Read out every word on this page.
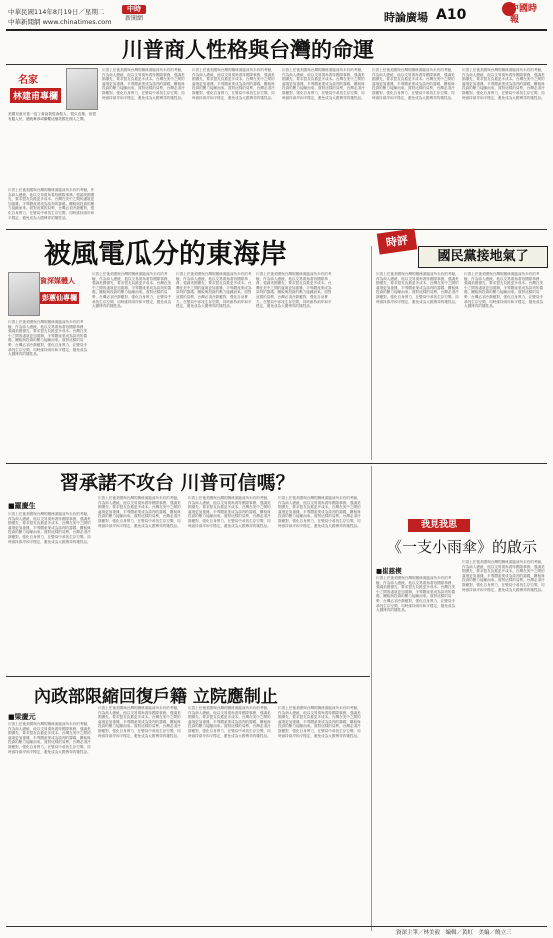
中華民國114年8月19日／星期二
中華新聞網 www.chinatimes.com
中時
新聞網	時論廣場 A10	中國時報
川普商人性格與台灣的命運
名家
林建甫專欄
美國兒童川普一直了會說我很會做人，很久沒像，但很有腦人民，總統牽涉或聯繫這個美國在個人之間。
川普上任後美國與台灣的關係面臨前所未有的考驗，作為商人總統，他以交易視角看待國際事務，強調美國優先，要求盟友負擔更多成本。台灣在美中之間的處境更加複雜，半導體產業成為談判的籌碼，關稅與投資的壓力接踵而來。面對這樣的局勢，台灣必須冷靜應對，強化自身實力，在變局中尋找生存空間，同時維持兩岸和平穩定，避免成為大國博弈的犧牲品。
川普上任後美國與台灣的關係面臨前所未有的考驗，作為商人總統，他以交易視角看待國際事務，強調美國優先，要求盟友負擔更多成本。台灣在美中之間的處境更加複雜，半導體產業成為談判的籌碼，關稅與投資的壓力接踵而來。面對這樣的局勢，台灣必須冷靜應對，強化自身實力，在變局中尋找生存空間，同時維持兩岸和平穩定，避免成為大國博弈的犧牲品。
川普上任後美國與台灣的關係面臨前所未有的考驗，作為商人總統，他以交易視角看待國際事務，強調美國優先，要求盟友負擔更多成本。台灣在美中之間的處境更加複雜，半導體產業成為談判的籌碼，關稅與投資的壓力接踵而來。面對這樣的局勢，台灣必須冷靜應對，強化自身實力，在變局中尋找生存空間，同時維持兩岸和平穩定，避免成為大國博弈的犧牲品。
川普上任後美國與台灣的關係面臨前所未有的考驗，作為商人總統，他以交易視角看待國際事務，強調美國優先，要求盟友負擔更多成本。台灣在美中之間的處境更加複雜，半導體產業成為談判的籌碼，關稅與投資的壓力接踵而來。面對這樣的局勢，台灣必須冷靜應對，強化自身實力，在變局中尋找生存空間，同時維持兩岸和平穩定，避免成為大國博弈的犧牲品。
川普上任後美國與台灣的關係面臨前所未有的考驗，作為商人總統，他以交易視角看待國際事務，強調美國優先，要求盟友負擔更多成本。台灣在美中之間的處境更加複雜，半導體產業成為談判的籌碼，關稅與投資的壓力接踵而來。面對這樣的局勢，台灣必須冷靜應對，強化自身實力，在變局中尋找生存空間，同時維持兩岸和平穩定，避免成為大國博弈的犧牲品。
川普上任後美國與台灣的關係面臨前所未有的考驗，作為商人總統，他以交易視角看待國際事務，強調美國優先，要求盟友負擔更多成本。台灣在美中之間的處境更加複雜，半導體產業成為談判的籌碼，關稅與投資的壓力接踵而來。面對這樣的局勢，台灣必須冷靜應對，強化自身實力，在變局中尋找生存空間，同時維持兩岸和平穩定，避免成為大國博弈的犧牲品。
被風電瓜分的東海岸
資深媒體人
彭蕙仙專欄
川普上任後美國與台灣的關係面臨前所未有的考驗，作為商人總統，他以交易視角看待國際事務，強調美國優先，要求盟友負擔更多成本。台灣在美中之間的處境更加複雜，半導體產業成為談判的籌碼，關稅與投資的壓力接踵而來。面對這樣的局勢，台灣必須冷靜應對，強化自身實力，在變局中尋找生存空間，同時維持兩岸和平穩定，避免成為大國博弈的犧牲品。
川普上任後美國與台灣的關係面臨前所未有的考驗，作為商人總統，他以交易視角看待國際事務，強調美國優先，要求盟友負擔更多成本。台灣在美中之間的處境更加複雜，半導體產業成為談判的籌碼，關稅與投資的壓力接踵而來。面對這樣的局勢，台灣必須冷靜應對，強化自身實力，在變局中尋找生存空間，同時維持兩岸和平穩定，避免成為大國博弈的犧牲品。
川普上任後美國與台灣的關係面臨前所未有的考驗，作為商人總統，他以交易視角看待國際事務，強調美國優先，要求盟友負擔更多成本。台灣在美中之間的處境更加複雜，半導體產業成為談判的籌碼，關稅與投資的壓力接踵而來。面對這樣的局勢，台灣必須冷靜應對，強化自身實力，在變局中尋找生存空間，同時維持兩岸和平穩定，避免成為大國博弈的犧牲品。
川普上任後美國與台灣的關係面臨前所未有的考驗，作為商人總統，他以交易視角看待國際事務，強調美國優先，要求盟友負擔更多成本。台灣在美中之間的處境更加複雜，半導體產業成為談判的籌碼，關稅與投資的壓力接踵而來。面對這樣的局勢，台灣必須冷靜應對，強化自身實力，在變局中尋找生存空間，同時維持兩岸和平穩定，避免成為大國博弈的犧牲品。
時評
國民黨接地氣了
川普上任後美國與台灣的關係面臨前所未有的考驗，作為商人總統，他以交易視角看待國際事務，強調美國優先，要求盟友負擔更多成本。台灣在美中之間的處境更加複雜，半導體產業成為談判的籌碼，關稅與投資的壓力接踵而來。面對這樣的局勢，台灣必須冷靜應對，強化自身實力，在變局中尋找生存空間，同時維持兩岸和平穩定，避免成為大國博弈的犧牲品。
川普上任後美國與台灣的關係面臨前所未有的考驗，作為商人總統，他以交易視角看待國際事務，強調美國優先，要求盟友負擔更多成本。台灣在美中之間的處境更加複雜，半導體產業成為談判的籌碼，關稅與投資的壓力接踵而來。面對這樣的局勢，台灣必須冷靜應對，強化自身實力，在變局中尋找生存空間，同時維持兩岸和平穩定，避免成為大國博弈的犧牲品。
習承諾不攻台 川普可信嗎？
■羅慶生
川普上任後美國與台灣的關係面臨前所未有的考驗，作為商人總統，他以交易視角看待國際事務，強調美國優先，要求盟友負擔更多成本。台灣在美中之間的處境更加複雜，半導體產業成為談判的籌碼，關稅與投資的壓力接踵而來。面對這樣的局勢，台灣必須冷靜應對，強化自身實力，在變局中尋找生存空間，同時維持兩岸和平穩定，避免成為大國博弈的犧牲品。
川普上任後美國與台灣的關係面臨前所未有的考驗，作為商人總統，他以交易視角看待國際事務，強調美國優先，要求盟友負擔更多成本。台灣在美中之間的處境更加複雜，半導體產業成為談判的籌碼，關稅與投資的壓力接踵而來。面對這樣的局勢，台灣必須冷靜應對，強化自身實力，在變局中尋找生存空間，同時維持兩岸和平穩定，避免成為大國博弈的犧牲品。
川普上任後美國與台灣的關係面臨前所未有的考驗，作為商人總統，他以交易視角看待國際事務，強調美國優先，要求盟友負擔更多成本。台灣在美中之間的處境更加複雜，半導體產業成為談判的籌碼，關稅與投資的壓力接踵而來。面對這樣的局勢，台灣必須冷靜應對，強化自身實力，在變局中尋找生存空間，同時維持兩岸和平穩定，避免成為大國博弈的犧牲品。
川普上任後美國與台灣的關係面臨前所未有的考驗，作為商人總統，他以交易視角看待國際事務，強調美國優先，要求盟友負擔更多成本。台灣在美中之間的處境更加複雜，半導體產業成為談判的籌碼，關稅與投資的壓力接踵而來。面對這樣的局勢，台灣必須冷靜應對，強化自身實力，在變局中尋找生存空間，同時維持兩岸和平穩定，避免成為大國博弈的犧牲品。	我見我思
《一支小雨傘》的啟示
■崔慈楔
川普上任後美國與台灣的關係面臨前所未有的考驗，作為商人總統，他以交易視角看待國際事務，強調美國優先，要求盟友負擔更多成本。台灣在美中之間的處境更加複雜，半導體產業成為談判的籌碼，關稅與投資的壓力接踵而來。面對這樣的局勢，台灣必須冷靜應對，強化自身實力，在變局中尋找生存空間，同時維持兩岸和平穩定，避免成為大國博弈的犧牲品。
川普上任後美國與台灣的關係面臨前所未有的考驗，作為商人總統，他以交易視角看待國際事務，強調美國優先，要求盟友負擔更多成本。台灣在美中之間的處境更加複雜，半導體產業成為談判的籌碼，關稅與投資的壓力接踵而來。面對這樣的局勢，台灣必須冷靜應對，強化自身實力，在變局中尋找生存空間，同時維持兩岸和平穩定，避免成為大國博弈的犧牲品。
內政部限縮回復戶籍 立院應制止
■梁慶元
川普上任後美國與台灣的關係面臨前所未有的考驗，作為商人總統，他以交易視角看待國際事務，強調美國優先，要求盟友負擔更多成本。台灣在美中之間的處境更加複雜，半導體產業成為談判的籌碼，關稅與投資的壓力接踵而來。面對這樣的局勢，台灣必須冷靜應對，強化自身實力，在變局中尋找生存空間，同時維持兩岸和平穩定，避免成為大國博弈的犧牲品。
川普上任後美國與台灣的關係面臨前所未有的考驗，作為商人總統，他以交易視角看待國際事務，強調美國優先，要求盟友負擔更多成本。台灣在美中之間的處境更加複雜，半導體產業成為談判的籌碼，關稅與投資的壓力接踵而來。面對這樣的局勢，台灣必須冷靜應對，強化自身實力，在變局中尋找生存空間，同時維持兩岸和平穩定，避免成為大國博弈的犧牲品。
川普上任後美國與台灣的關係面臨前所未有的考驗，作為商人總統，他以交易視角看待國際事務，強調美國優先，要求盟友負擔更多成本。台灣在美中之間的處境更加複雜，半導體產業成為談判的籌碼，關稅與投資的壓力接踵而來。面對這樣的局勢，台灣必須冷靜應對，強化自身實力，在變局中尋找生存空間，同時維持兩岸和平穩定，避免成為大國博弈的犧牲品。
川普上任後美國與台灣的關係面臨前所未有的考驗，作為商人總統，他以交易視角看待國際事務，強調美國優先，要求盟友負擔更多成本。台灣在美中之間的處境更加複雜，半導體產業成為談判的籌碼，關稅與投資的壓力接踵而來。面對這樣的局勢，台灣必須冷靜應對，強化自身實力，在變局中尋找生存空間，同時維持兩岸和平穩定，避免成為大國博弈的犧牲品。
資深主筆／林美毅　編輯／黃虹　美編／饒立三
